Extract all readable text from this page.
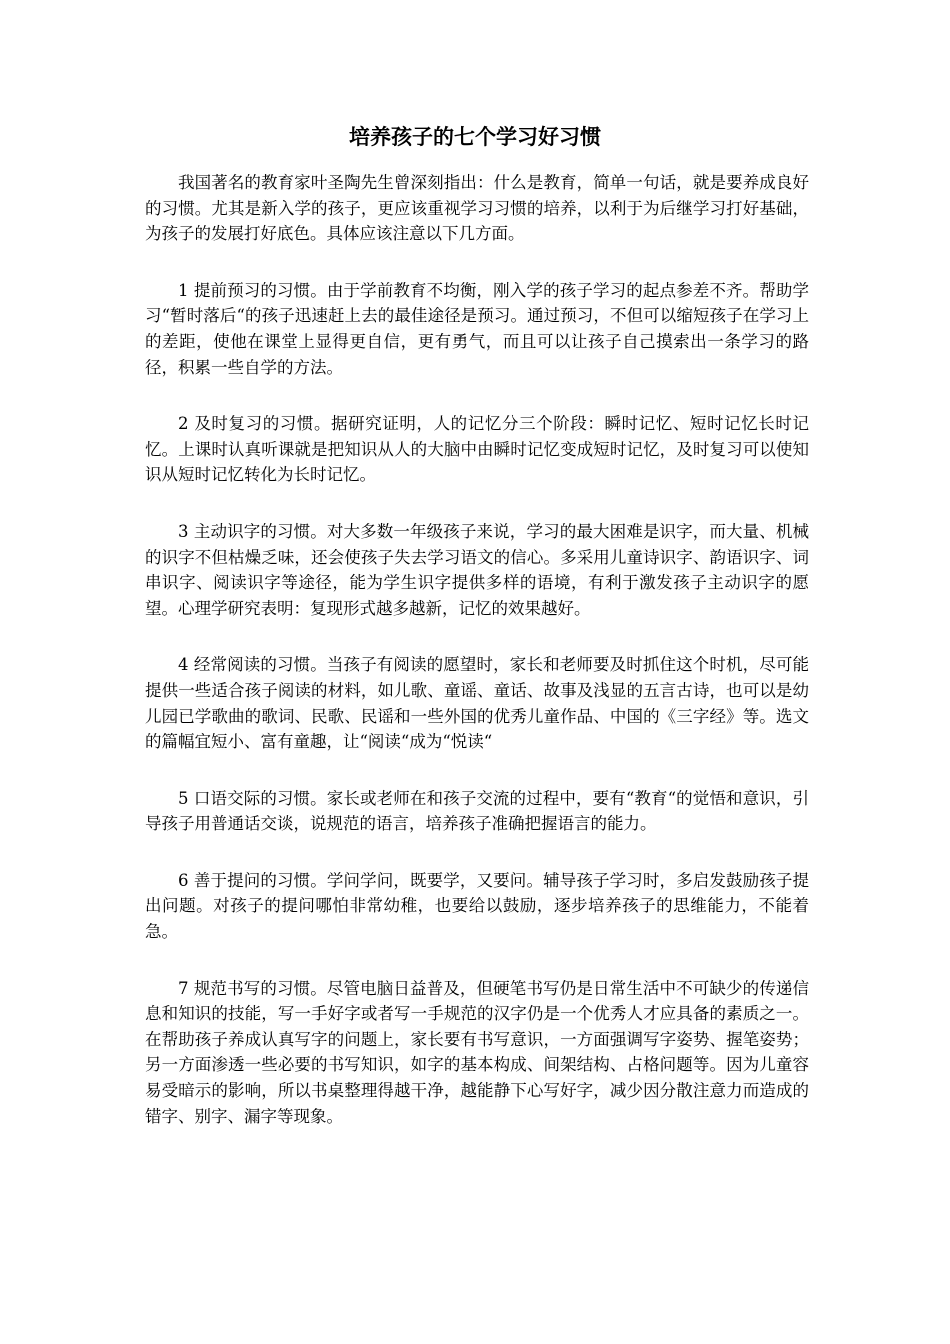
培养孩子的七个学习好习惯

我国著名的教育家叶圣陶先生曾深刻指出：什么是教育，简单一句话，就是要养成良好的习惯。尤其是新入学的孩子，更应该重视学习习惯的培养，以利于为后继学习打好基础，为孩子的发展打好底色。具体应该注意以下几方面。

1 提前预习的习惯。由于学前教育不均衡，刚入学的孩子学习的起点参差不齐。帮助学习“暂时落后“的孩子迅速赶上去的最佳途径是预习。通过预习，不但可以缩短孩子在学习上的差距，使他在课堂上显得更自信，更有勇气，而且可以让孩子自己摸索出一条学习的路径，积累一些自学的方法。

2 及时复习的习惯。据研究证明，人的记忆分三个阶段：瞬时记忆、短时记忆长时记忆。上课时认真听课就是把知识从人的大脑中由瞬时记忆变成短时记忆，及时复习可以使知识从短时记忆转化为长时记忆。

3 主动识字的习惯。对大多数一年级孩子来说，学习的最大困难是识字，而大量、机械的识字不但枯燥乏味，还会使孩子失去学习语文的信心。多采用儿童诗识字、韵语识字、词串识字、阅读识字等途径，能为学生识字提供多样的语境，有利于激发孩子主动识字的愿望。心理学研究表明：复现形式越多越新，记忆的效果越好。

4 经常阅读的习惯。当孩子有阅读的愿望时，家长和老师要及时抓住这个时机，尽可能提供一些适合孩子阅读的材料，如儿歌、童谣、童话、故事及浅显的五言古诗，也可以是幼儿园已学歌曲的歌词、民歌、民谣和一些外国的优秀儿童作品、中国的《三字经》等。选文的篇幅宜短小、富有童趣，让“阅读“成为“悦读“

5 口语交际的习惯。家长或老师在和孩子交流的过程中，要有“教育“的觉悟和意识，引导孩子用普通话交谈，说规范的语言，培养孩子准确把握语言的能力。

6 善于提问的习惯。学问学问，既要学，又要问。辅导孩子学习时，多启发鼓励孩子提出问题。对孩子的提问哪怕非常幼稚，也要给以鼓励，逐步培养孩子的思维能力，不能着急。

7 规范书写的习惯。尽管电脑日益普及，但硬笔书写仍是日常生活中不可缺少的传递信息和知识的技能，写一手好字或者写一手规范的汉字仍是一个优秀人才应具备的素质之一。在帮助孩子养成认真写字的问题上，家长要有书写意识，一方面强调写字姿势、握笔姿势；另一方面渗透一些必要的书写知识，如字的基本构成、间架结构、占格问题等。因为儿童容易受暗示的影响，所以书桌整理得越干净，越能静下心写好字，减少因分散注意力而造成的错字、别字、漏字等现象。
